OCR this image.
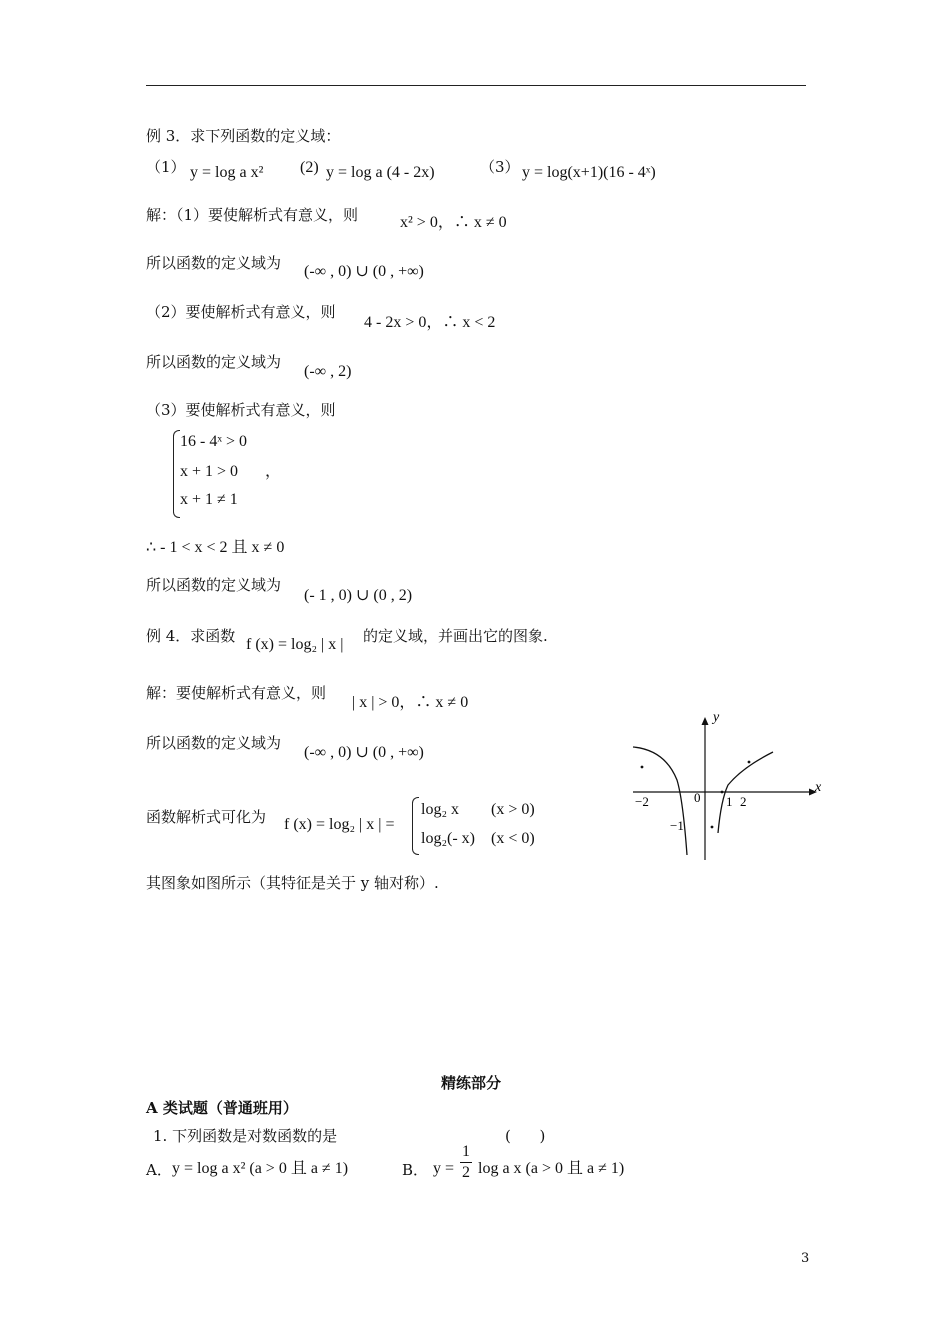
例 3．求下列函数的定义域：
（1） y = log a x² (2) y = log a (4 - 2x)	（3） y = log(x+1)(16 - 4ˣ)
解：（1）要使解析式有意义，则	x² > 0，∴ x ≠ 0
所以函数的定义域为 (-∞ , 0) ∪ (0 , +∞)
（2）要使解析式有意义，则
4 - 2x > 0，∴ x < 2
所以函数的定义域为
(-∞ , 2)
（3）要使解析式有意义，则
16 - 4ˣ > 0
x + 1 > 0 ，
x + 1 ≠ 1
∴ - 1 < x < 2 且 x ≠ 0
所以函数的定义域为
(- 1 , 0) ∪ (0 , 2)
例 4．求函数 f (x) = log₂ | x | 的定义域，并画出它的图象.
解：要使解析式有意义，则
| x | > 0，∴ x ≠ 0
所以函数的定义域为
(-∞ , 0) ∪ (0 , +∞)
函数解析式可化为 f (x) = log₂ | x | =
log₂ x        (x > 0)
log₂(- x)    (x < 0)
其图象如图所示（其特征是关于 y 轴对称）.
y
x
−2	0 1 2
−1
精练部分
A 类试题（普通班用）
1. 下列函数是对数函数的是	(      )
A． y = log a x² (a > 0 且 a ≠ 1)	B． y =
1
2 log a x (a > 0 且 a ≠ 1)
3
